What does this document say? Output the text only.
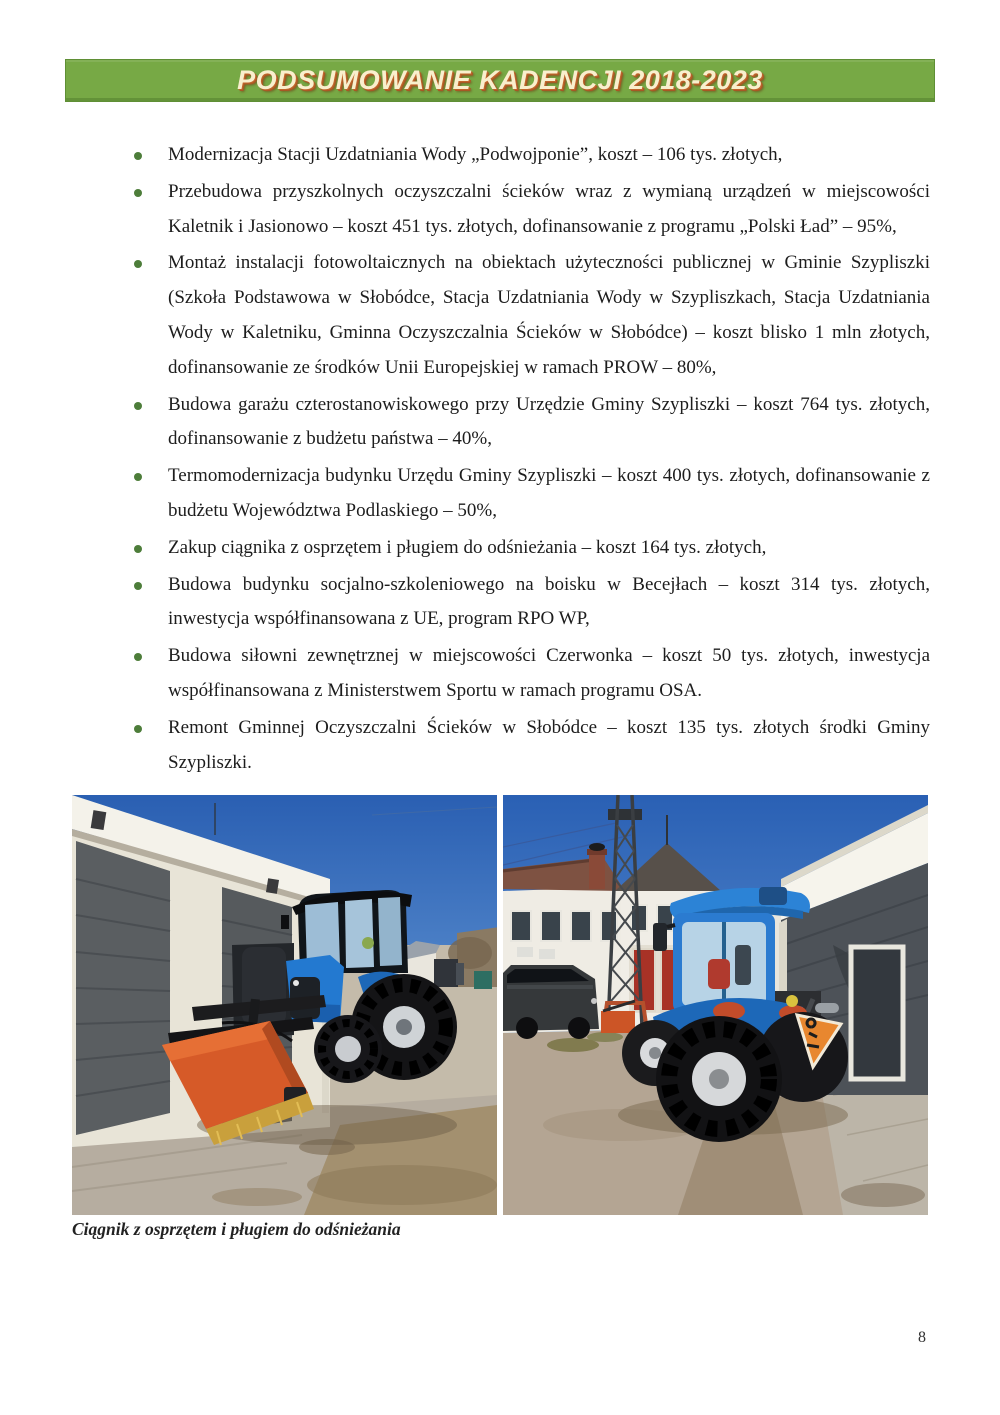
PODSUMOWANIE KADENCJI 2018-2023
Modernizacja Stacji Uzdatniania Wody „Podwojponie”, koszt – 106 tys. złotych,
Przebudowa przyszkolnych oczyszczalni ścieków wraz z wymianą urządzeń w miejscowości Kaletnik i Jasionowo – koszt 451 tys. złotych, dofinansowanie z programu „Polski Ład” – 95%,
Montaż instalacji fotowoltaicznych na obiektach użyteczności publicznej w Gminie Szypliszki (Szkoła Podstawowa w Słobódce, Stacja Uzdatniania Wody w Szypliszkach, Stacja Uzdatniania Wody w Kaletniku, Gminna Oczyszczalnia Ścieków w Słobódce) – koszt blisko 1 mln złotych, dofinansowanie ze środków Unii Europejskiej w ramach PROW – 80%,
Budowa garażu czterostanowiskowego przy Urzędzie Gminy Szypliszki – koszt 764 tys. złotych, dofinansowanie z budżetu państwa – 40%,
Termomodernizacja budynku Urzędu Gminy Szypliszki – koszt 400 tys. złotych, dofinansowanie z budżetu Województwa Podlaskiego – 50%,
Zakup ciągnika z osprzętem i pługiem do odśnieżania – koszt 164 tys. złotych,
Budowa budynku socjalno-szkoleniowego na boisku w Becejłach – koszt 314 tys. złotych, inwestycja współfinansowana z UE, program RPO WP,
Budowa siłowni zewnętrznej w miejscowości Czerwonka – koszt 50 tys. złotych, inwestycja współfinansowana z Ministerstwem Sportu w ramach programu OSA.
Remont Gminnej Oczyszczalni Ścieków w Słobódce – koszt 135 tys. złotych środki Gminy Szypliszki.
Ciągnik z osprzętem i pługiem do odśnieżania
8
